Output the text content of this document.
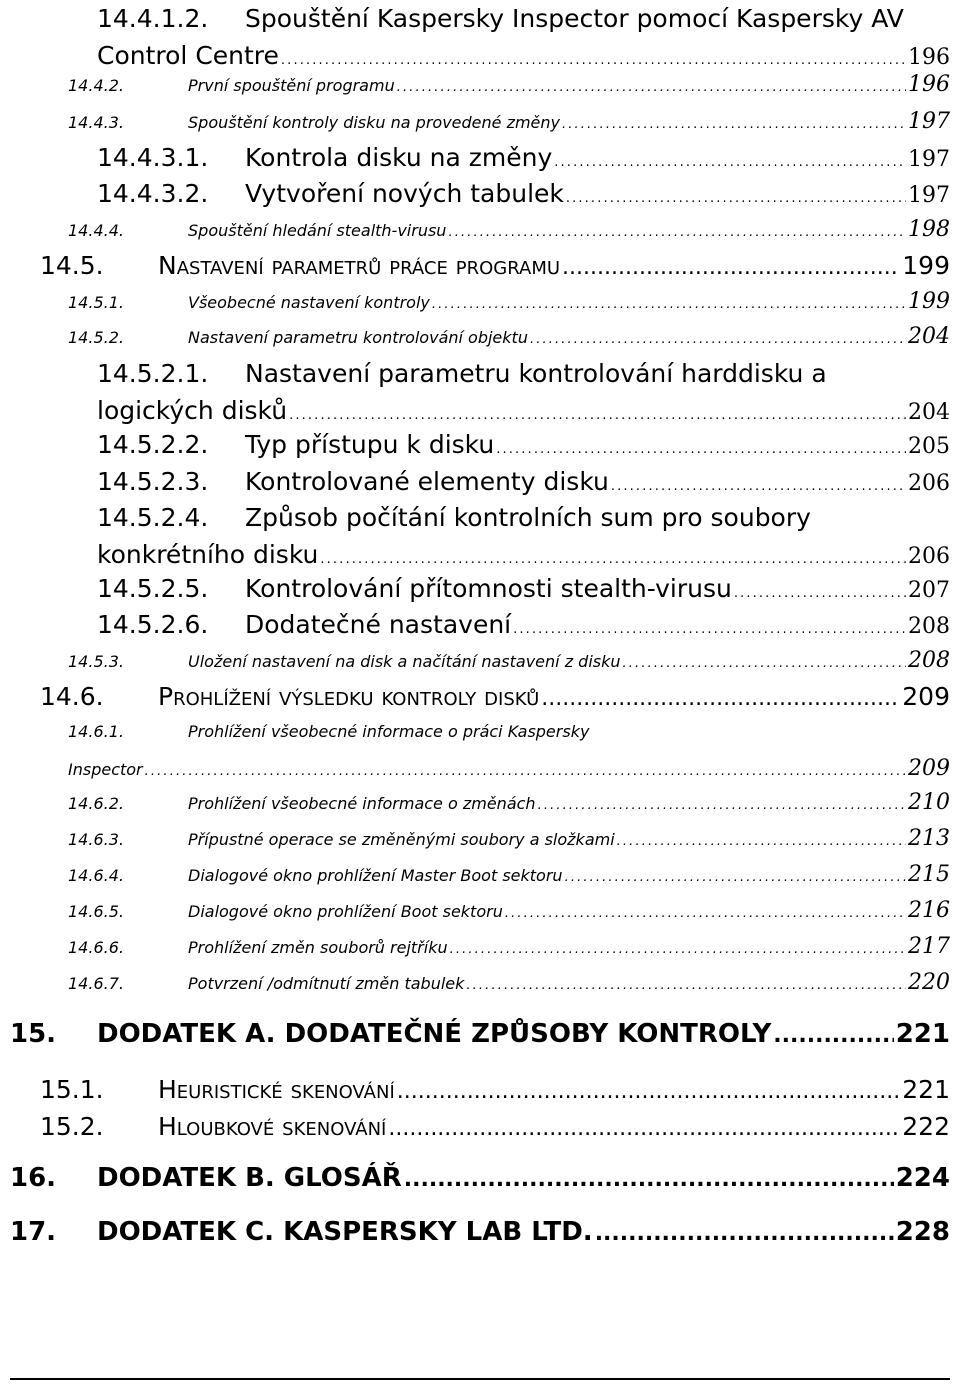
14.4.1.2. Spouštění Kaspersky Inspector pomocí Kaspersky AV
Control Centre . . .	196
14.4.2.	První spouštění programu . . .	196
14.4.3.	Spouštění kontroly disku na provedené změny . . .	197
14.4.3.1.	Kontrola disku na změny . . .	197
14.4.3.2.	Vytvoření nových tabulek . . .	197
14.4.4.	Spouštění hledání stealth-virusu . . .	198
14.5.	Nastavení parametrů práce programu .....	199
14.5.1.	Všeobecné nastavení kontroly . . .	199
14.5.2.	Nastavení parametru kontrolování objektu . . .	204
14.5.2.1. Nastavení parametru kontrolování harddisku a
logických disků . . .	204
14.5.2.2.	Typ přístupu k disku . . .	205
14.5.2.3.	Kontrolované elementy disku . . .	206
14.5.2.4. Způsob počítání kontrolních sum pro soubory
konkrétního disku . . .	206
14.5.2.5.	Kontrolování přítomnosti stealth-virusu . . .	207
14.5.2.6.	Dodatečné nastavení . . .	208
14.5.3.	Uložení nastavení na disk a načítání nastavení z disku . . .	208
14.6.	Prohlížení výsledku kontroly disků .....	209
14.6.1.	Prohlížení všeobecné informace o práci Kaspersky
Inspector . . .	209
14.6.2.	Prohlížení všeobecné informace o změnách . . .	210
14.6.3.	Přípustné operace se změněnými soubory a složkami . . .	213
14.6.4.	Dialogové okno prohlížení Master Boot sektoru . . .	215
14.6.5.	Dialogové okno prohlížení Boot sektoru . . .	216
14.6.6.	Prohlížení změn souborů rejtříku . . .	217
14.6.7.	Potvrzení /odmítnutí změn tabulek . . .	220
15.	DODATEK A. DODATEČNÉ ZPŮSOBY KONTROLY .....	221
15.1.	Heuristické skenování .....	221
15.2.	Hloubkové skenování .....	222
16.	DODATEK B. GLOSÁŘ .....	224
17.	DODATEK C. KASPERSKY LAB LTD. .....	228
